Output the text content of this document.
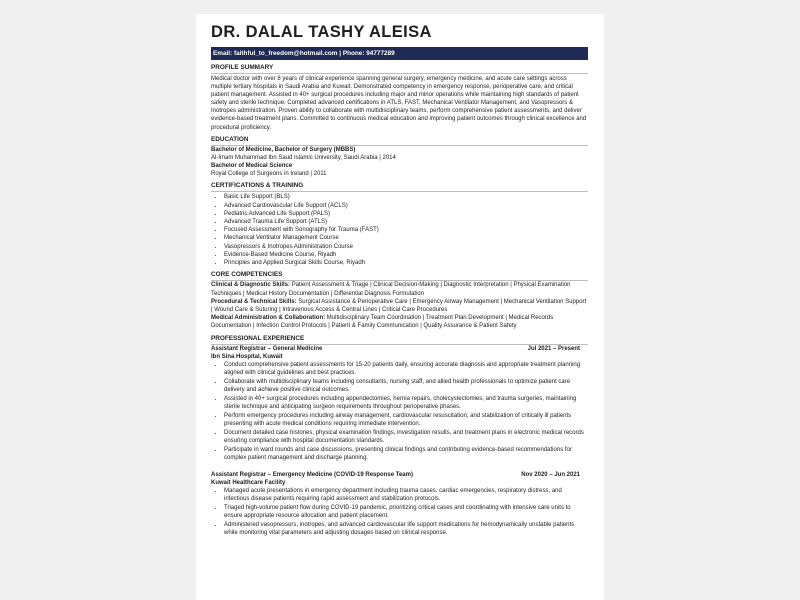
DR. DALAL TASHY ALEISA
Email: faithful_to_freedom@hotmail.com | Phone: 94777289
PROFILE SUMMARY
Medical doctor with over 8 years of clinical experience spanning general surgery, emergency medicine, and acute care settings across multiple tertiary hospitals in Saudi Arabia and Kuwait. Demonstrated competency in emergency response, perioperative care, and critical patient management. Assisted in 40+ surgical procedures including major and minor operations while maintaining high standards of patient safety and sterile technique. Completed advanced certifications in ATLS, FAST, Mechanical Ventilator Management, and Vasopressors & Inotropes administration. Proven ability to collaborate with multidisciplinary teams, perform comprehensive patient assessments, and deliver evidence-based treatment plans. Committed to continuous medical education and improving patient outcomes through clinical excellence and procedural proficiency.
EDUCATION
Bachelor of Medicine, Bachelor of Surgery (MBBS)
Al-Imam Muhammad Ibn Saud Islamic University, Saudi Arabia | 2014
Bachelor of Medical Science
Royal College of Surgeons in Ireland | 2011
CERTIFICATIONS & TRAINING
• Basic Life Support (BLS)
• Advanced Cardiovascular Life Support (ACLS)
• Pediatric Advanced Life Support (PALS)
• Advanced Trauma Life Support (ATLS)
• Focused Assessment with Sonography for Trauma (FAST)
• Mechanical Ventilator Management Course
• Vasopressors & Inotropes Administration Course
• Evidence-Based Medicine Course, Riyadh
• Principles and Applied Surgical Skills Course, Riyadh
CORE COMPETENCIES
Clinical & Diagnostic Skills: Patient Assessment & Triage | Clinical Decision-Making | Diagnostic Interpretation | Physical Examination Techniques | Medical History Documentation | Differential Diagnosis Formulation
Procedural & Technical Skills: Surgical Assistance & Perioperative Care | Emergency Airway Management | Mechanical Ventilation Support | Wound Care & Suturing | Intravenous Access & Central Lines | Critical Care Procedures
Medical Administration & Collaboration: Multidisciplinary Team Coordination | Treatment Plan Development | Medical Records Documentation | Infection Control Protocols | Patient & Family Communication | Quality Assurance & Patient Safety
PROFESSIONAL EXPERIENCE
Assistant Registrar – General Medicine	Jul 2021 – Present
Ibn Sina Hospital, Kuwait
• Conduct comprehensive patient assessments for 15-20 patients daily, ensuring accurate diagnosis and appropriate treatment planning aligned with clinical guidelines and best practices.
• Collaborate with multidisciplinary teams including consultants, nursing staff, and allied health professionals to optimize patient care delivery and achieve positive clinical outcomes.
• Assisted in 40+ surgical procedures including appendectomies, hernia repairs, cholecystectomies, and trauma surgeries, maintaining sterile technique and anticipating surgeon requirements throughout perioperative phases.
• Perform emergency procedures including airway management, cardiovascular resuscitation, and stabilization of critically ill patients presenting with acute medical conditions requiring immediate intervention.
• Document detailed case histories, physical examination findings, investigation results, and treatment plans in electronic medical records ensuring compliance with hospital documentation standards.
• Participate in ward rounds and case discussions, presenting clinical findings and contributing evidence-based recommendations for complex patient management and discharge planning.
Assistant Registrar – Emergency Medicine (COVID-19 Response Team)	Nov 2020 – Jun 2021
Kuwait Healthcare Facility
• Managed acute presentations in emergency department including trauma cases, cardiac emergencies, respiratory distress, and infectious disease patients requiring rapid assessment and stabilization protocols.
• Triaged high-volume patient flow during COVID-19 pandemic, prioritizing critical cases and coordinating with intensive care units to ensure appropriate resource allocation and patient placement.
• Administered vasopressors, inotropes, and advanced cardiovascular life support medications for hemodynamically unstable patients while monitoring vital parameters and adjusting dosages based on clinical response.
